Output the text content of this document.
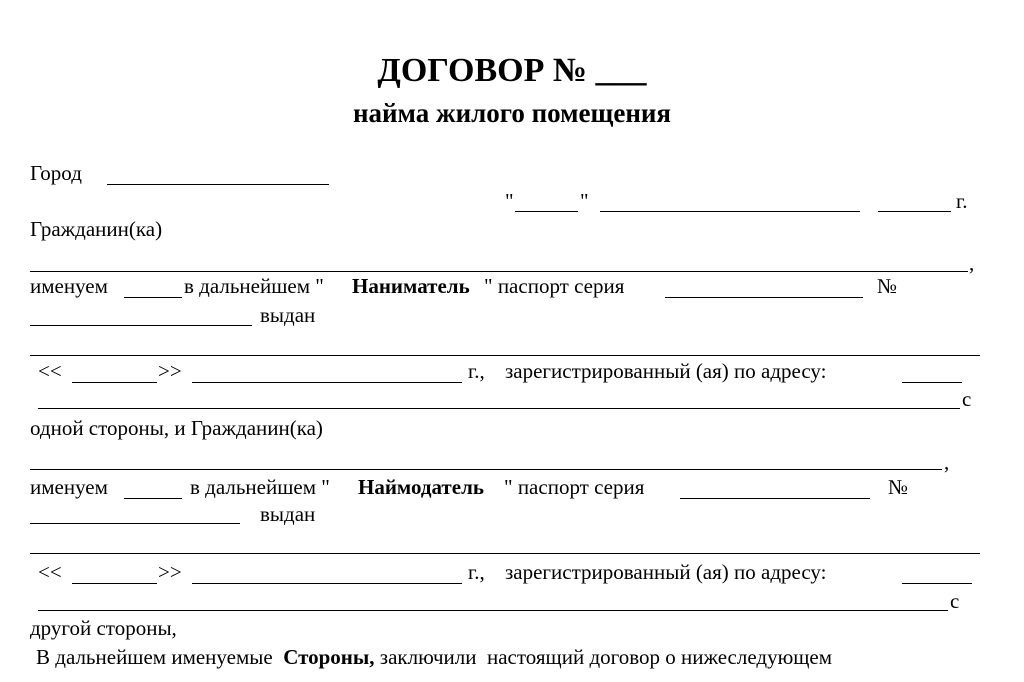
ДОГОВОР № ___
найма жилого помещения
Город
"	"	г.
Гражданин(ка)
,
именуем	в дальнейшем " Наниматель " паспорт серия	№
выдан
<<	>>	г., зарегистрированный (ая) по адресу:
с
одной стороны, и Гражданин(ка)
,
именуем	в дальнейшем " Наймодатель " паспорт серия	№
выдан
<<	>>	г., зарегистрированный (ая) по адресу:
с
другой стороны,
В дальнейшем именуемые Стороны, заключили  настоящий договор о нижеследующем
